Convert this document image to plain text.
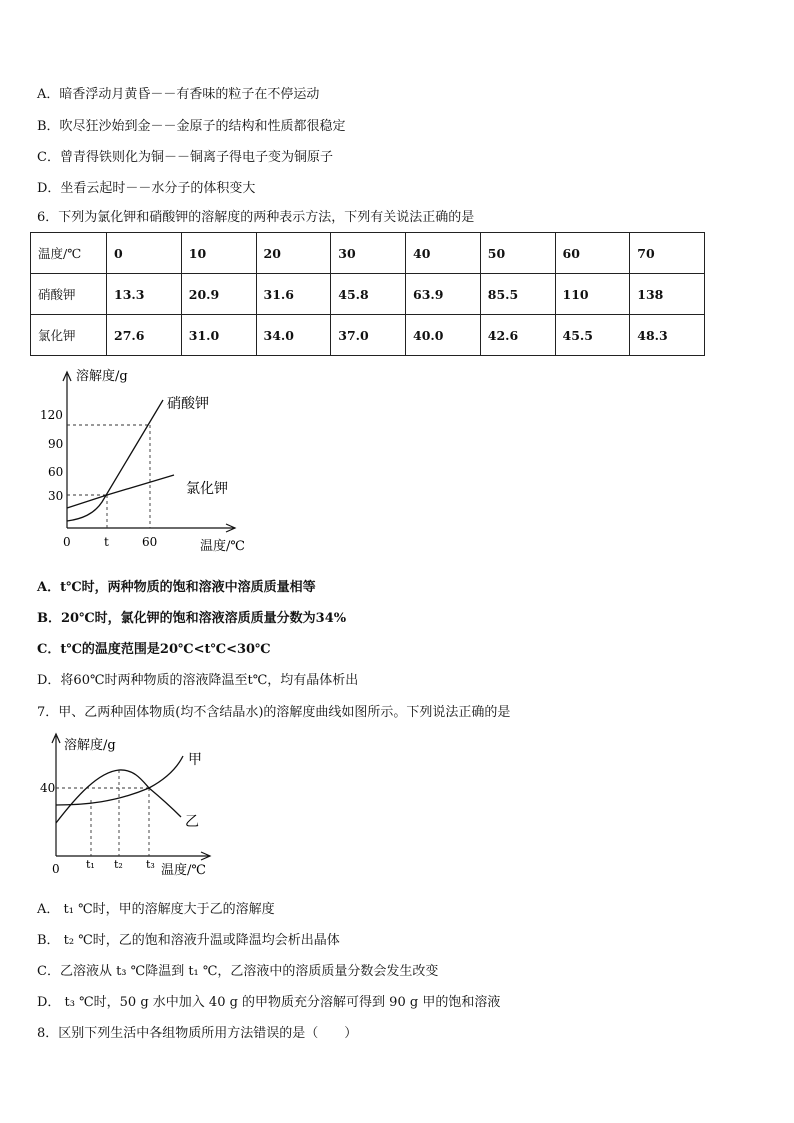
A．暗香浮动月黄昏－－有香味的粒子在不停运动
B．吹尽狂沙始到金－－金原子的结构和性质都很稳定
C．曾青得铁则化为铜－－铜离子得电子变为铜原子
D．坐看云起时－－水分子的体积变大
6．下列为氯化钾和硝酸钾的溶解度的两种表示方法，下列有关说法正确的是
温度/℃	0	10	20	30	40	50	60	70
硝酸钾	13.3	20.9	31.6	45.8	63.9	85.5	110	138
氯化钾	27.6	31.0	34.0	37.0	40.0	42.6	45.5	48.3
溶解度/g
120
90
60
30
0	t	60	温度/℃
硝酸钾
氯化钾
A．t℃时，两种物质的饱和溶液中溶质质量相等
B．20℃时，氯化钾的饱和溶液溶质质量分数为34%
C．t℃的温度范围是20℃<t℃<30℃
D．将60℃时两种物质的溶液降温至t℃，均有晶体析出
7．甲、乙两种固体物质(均不含结晶水)的溶解度曲线如图所示。下列说法正确的是
溶解度/g
40
0 t₁ t₂ t₃ 温度/℃
甲
乙
A． t₁ ℃时，甲的溶解度大于乙的溶解度
B． t₂ ℃时，乙的饱和溶液升温或降温均会析出晶体
C．乙溶液从 t₃ ℃降温到 t₁ ℃，乙溶液中的溶质质量分数会发生改变
D． t₃ ℃时，50 g 水中加入 40 g 的甲物质充分溶解可得到 90 g 甲的饱和溶液
8．区别下列生活中各组物质所用方法错误的是（　　）
